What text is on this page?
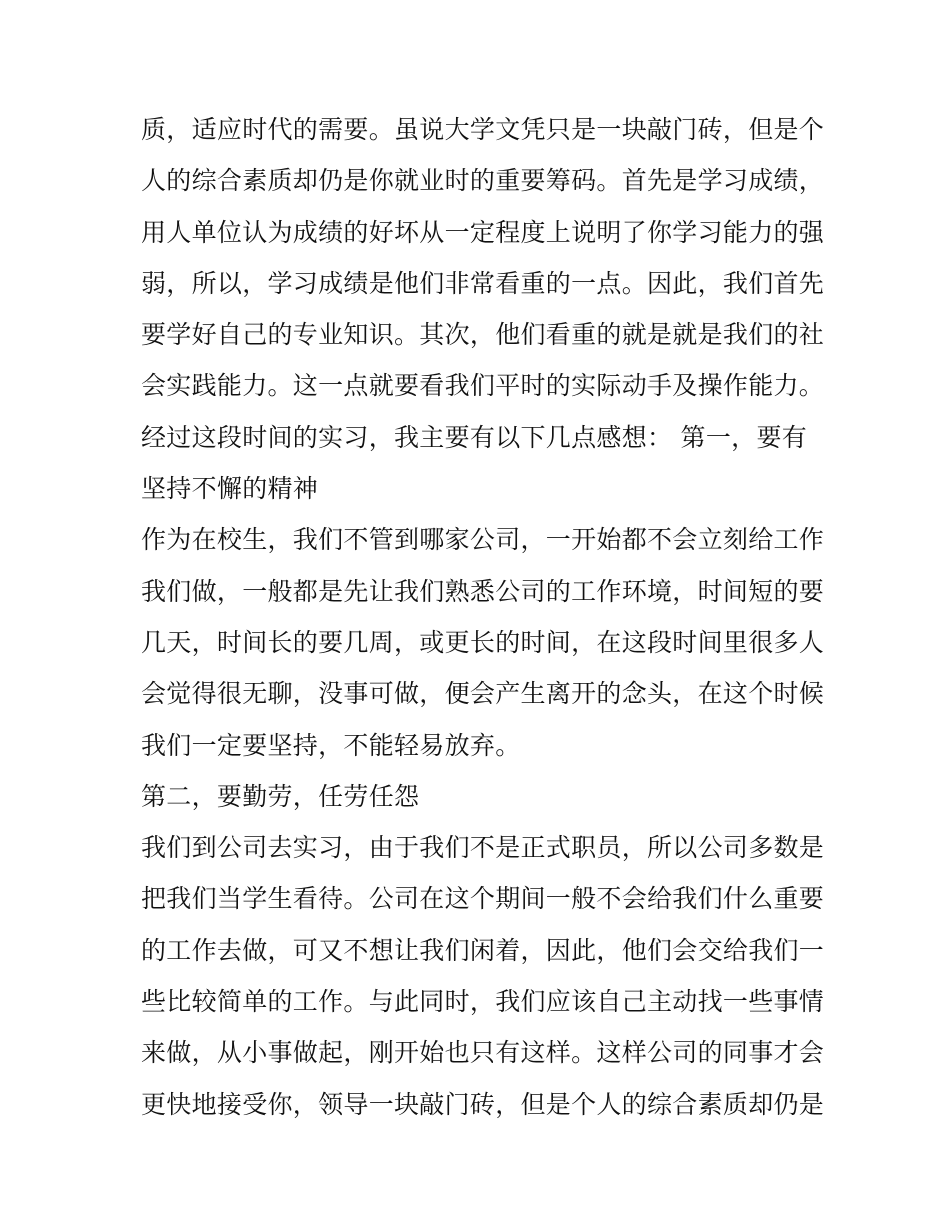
质，适应时代的需要。虽说大学文凭只是一块敲门砖，但是个
人的综合素质却仍是你就业时的重要筹码。首先是学习成绩，
用人单位认为成绩的好坏从一定程度上说明了你学习能力的强
弱，所以，学习成绩是他们非常看重的一点。因此，我们首先
要学好自己的专业知识。其次，他们看重的就是就是我们的社
会实践能力。这一点就要看我们平时的实际动手及操作能力。
经过这段时间的实习，我主要有以下几点感想： 第一，要有
坚持不懈的精神
作为在校生，我们不管到哪家公司，一开始都不会立刻给工作
我们做，一般都是先让我们熟悉公司的工作环境，时间短的要
几天，时间长的要几周，或更长的时间，在这段时间里很多人
会觉得很无聊，没事可做，便会产生离开的念头，在这个时候
我们一定要坚持，不能轻易放弃。
第二，要勤劳，任劳任怨
我们到公司去实习，由于我们不是正式职员，所以公司多数是
把我们当学生看待。公司在这个期间一般不会给我们什么重要
的工作去做，可又不想让我们闲着，因此，他们会交给我们一
些比较简单的工作。与此同时，我们应该自己主动找一些事情
来做，从小事做起，刚开始也只有这样。这样公司的同事才会
更快地接受你，领导一块敲门砖，但是个人的综合素质却仍是
